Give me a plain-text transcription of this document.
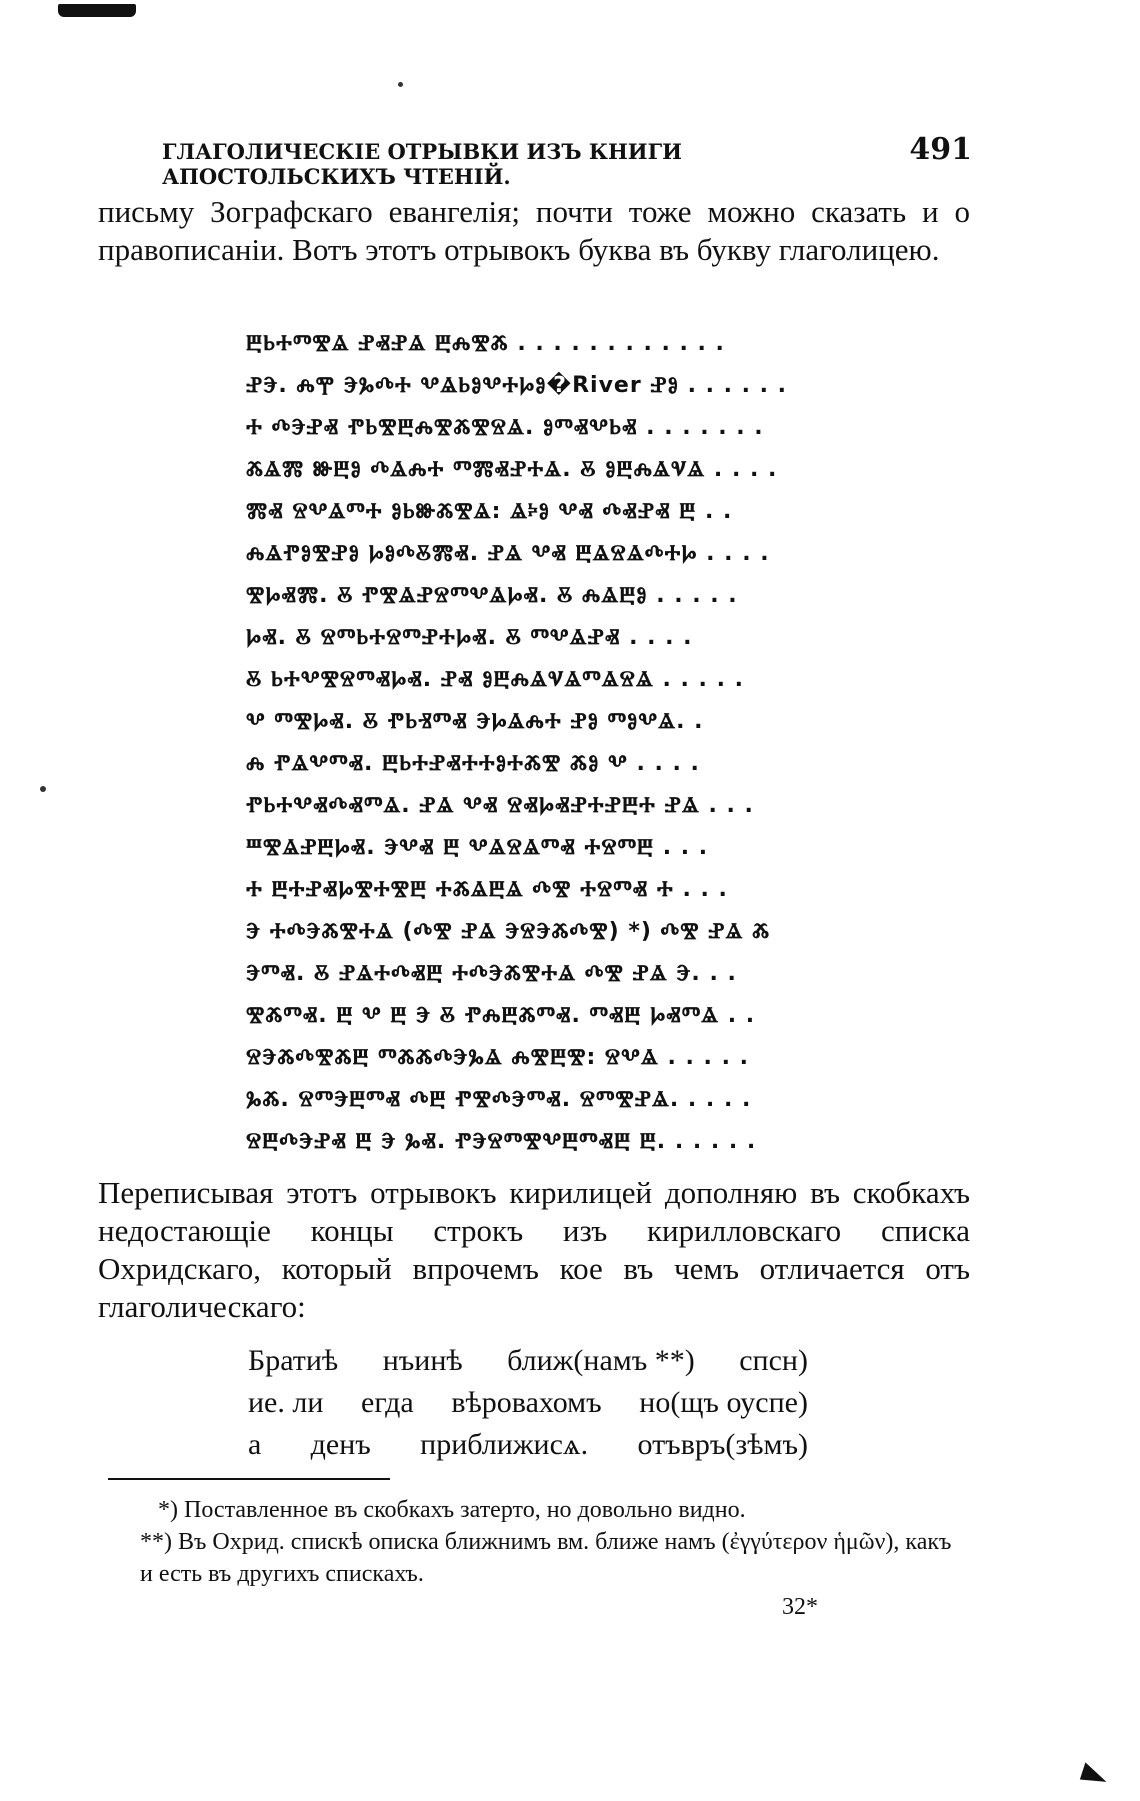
ГЛАГОЛИЧЕСКІЕ ОТРЫВКИ ИЗЪ КНИГИ АПОСТОЛЬСКИХЪ ЧТЕНІЙ.
491
письму Зографскаго евангелія; почти тоже можно сказать и о правописаніи. Вотъ этотъ отрывокъ буква въ букву глаголицею.
ⰁⰓⰀⰕⰊⰡ ⰐⰟⰐⰡ ⰁⰎⰊⰆ . . . . . . . . . . . .
ⰐⰅ. ⰎⰉ ⰅⰃⰄⰀ ⰂⰡⰓⰑⰂⰀⰘⰑ�River ⰐⰑ . . . . . .
Ⰰ ⰄⰅⰐⰟ ⰒⰓⰊⰁⰎⰊⰆⰊⰔⰡ. ⰑⰕⰟⰂⰓⰟ . . . . . . .
ⰆⰡⰏ ⰖⰁⰑ ⰄⰡⰎⰀ ⰕⰏⰟⰐⰀⰡ. Ⰻ ⰑⰁⰎⰡⰜⰡ . . . .
ⰏⰟ ⰔⰂⰡⰕⰀ ⰑⰓⰖⰆⰊⰡ: ⰡⰽⰑ ⰂⰟ ⰄⰟⰐⰟ Ⰱ . .
ⰎⰡⰒⰑⰊⰐⰑ ⰘⰑⰄⰋⰏⰟ. ⰐⰡ ⰂⰟ ⰁⰡⰔⰡⰄⰀⰘ . . . .
ⰊⰘⰟⰏ. Ⰻ ⰒⰊⰡⰐⰔⰕⰂⰡⰘⰟ. Ⰻ ⰎⰡⰁⰑ . . . . .
ⰘⰟ. Ⰻ ⰔⰕⰓⰀⰔⰕⰐⰀⰘⰟ. Ⰻ ⰕⰂⰡⰐⰟ . . . .
Ⰻ ⰓⰀⰂⰊⰔⰕⰟⰘⰟ. ⰐⰟ ⰑⰁⰎⰡⰜⰡⰕⰡⰔⰡ . . . . .
Ⰲ ⰕⰊⰘⰟ. Ⰻ ⰒⰓⰠⰕⰟ ⰅⰘⰡⰎⰀ ⰐⰑ ⰕⰑⰂⰡ. .
Ⰾ ⰒⰡⰂⰕⰟ. ⰁⰓⰀⰐⰟⰀⰀⰑⰀⰆⰊ ⰆⰑ Ⰲ . . . .
ⰒⰓⰀⰂⰟⰄⰟⰕⰡ. ⰐⰡ ⰂⰟ ⰔⰟⰘⰟⰐⰀⰐⰁⰀ ⰐⰡ . . .
ⰞⰊⰡⰐⰁⰘⰟ. ⰅⰂⰟ Ⰱ ⰂⰡⰔⰡⰕⰟ ⰀⰔⰕⰁ . . .
Ⰰ ⰁⰀⰐⰟⰘⰊⰀⰊⰁ ⰀⰆⰡⰁⰡ ⰄⰊ ⰀⰔⰕⰟ Ⰰ . . .
Ⰵ ⰀⰄⰅⰆⰊⰀⰡ (ⰄⰊ ⰐⰡ ⰅⰔⰅⰆⰄⰊ) *) ⰄⰊ ⰐⰡ Ⰶ
ⰅⰕⰟ. Ⰻ ⰐⰡⰀⰄⰟⰁ ⰀⰄⰅⰆⰊⰀⰡ ⰄⰊ ⰐⰡ Ⰵ. . .
ⰊⰆⰕⰟ. Ⰱ Ⰲ Ⰱ Ⰵ Ⰻ ⰒⰎⰁⰆⰕⰟ. ⰕⰟⰁ ⰘⰟⰕⰡ . .
ⰔⰅⰆⰄⰊⰆⰁ ⰕⰆⰆⰄⰅⰃⰡ ⰎⰊⰁⰊ: ⰔⰂⰡ . . . . .
ⰃⰆ. ⰔⰕⰅⰁⰕⰟ ⰄⰁ ⰒⰊⰄⰅⰕⰟ. ⰔⰕⰊⰐⰡ. . . . .
ⰔⰁⰄⰅⰐⰟ Ⰱ Ⰵ ⰃⰟ. ⰒⰅⰔⰕⰊⰂⰁⰕⰟⰁ Ⰱ. . . . . .
Переписывая этотъ отрывокъ кирилицей дополняю въ скобкахъ недостающіе концы строкъ изъ кирилловскаго списка Охридскаго, который впрочемъ кое въ чемъ отличается отъ глаголическаго:
Братиѣ нъинѣ ближ(намъ **) спсн)
ие. ли егда вѣровахомъ но(щъ оуспе)
а денъ приближисѧ. отъвръ(зѣмъ)
*) Поставленное въ скобкахъ затерто, но довольно видно.
**) Въ Охрид. спискѣ описка ближнимъ вм. ближе намъ (ἐγγύτερον ἡμῶν), какъ и есть въ другихъ спискахъ.
32*
